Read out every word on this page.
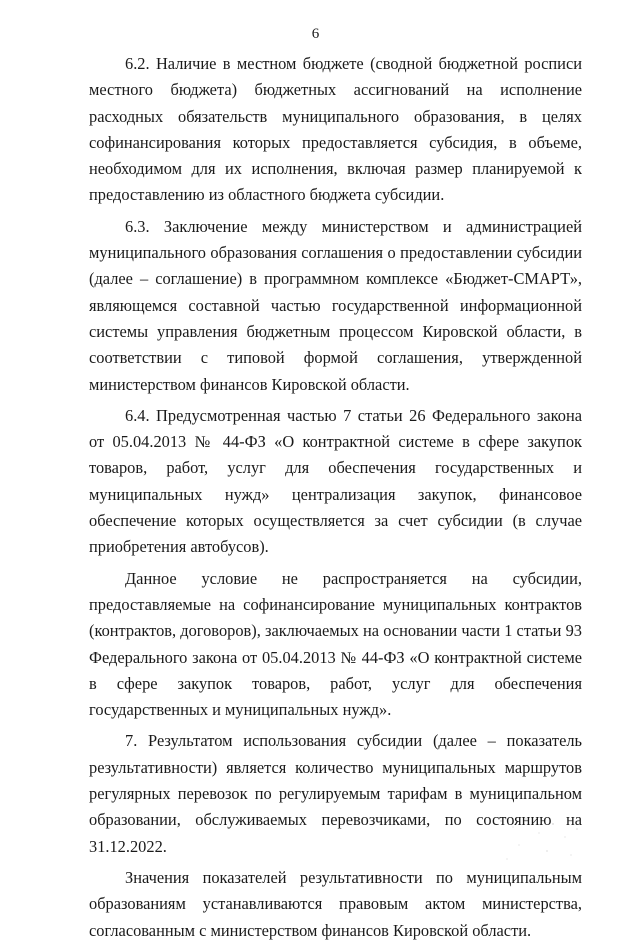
6

6.2. Наличие в местном бюджете (сводной бюджетной росписи местного бюджета) бюджетных ассигнований на исполнение расходных обязательств муниципального образования, в целях софинансирования которых предоставляется субсидия, в объеме, необходимом для их исполнения, включая размер планируемой к предоставлению из областного бюджета субсидии.

6.3. Заключение между министерством и администрацией муниципального образования соглашения о предоставлении субсидии (далее – соглашение) в программном комплексе «Бюджет-СМАРТ», являющемся составной частью государственной информационной системы управления бюджетным процессом Кировской области, в соответствии с типовой формой соглашения, утвержденной министерством финансов Кировской области.

6.4. Предусмотренная частью 7 статьи 26 Федерального закона от 05.04.2013 № 44-ФЗ «О контрактной системе в сфере закупок товаров, работ, услуг для обеспечения государственных и муниципальных нужд» централизация закупок, финансовое обеспечение которых осуществляется за счет субсидии (в случае приобретения автобусов).

Данное условие не распространяется на субсидии, предоставляемые на софинансирование муниципальных контрактов (контрактов, договоров), заключаемых на основании части 1 статьи 93 Федерального закона от 05.04.2013 № 44-ФЗ «О контрактной системе в сфере закупок товаров, работ, услуг для обеспечения государственных и муниципальных нужд».

7. Результатом использования субсидии (далее – показатель результативности) является количество муниципальных маршрутов регулярных перевозок по регулируемым тарифам в муниципальном образовании, обслуживаемых перевозчиками, по состоянию на 31.12.2022.

Значения показателей результативности по муниципальным образованиям устанавливаются правовым актом министерства, согласованным с министерством финансов Кировской области.
